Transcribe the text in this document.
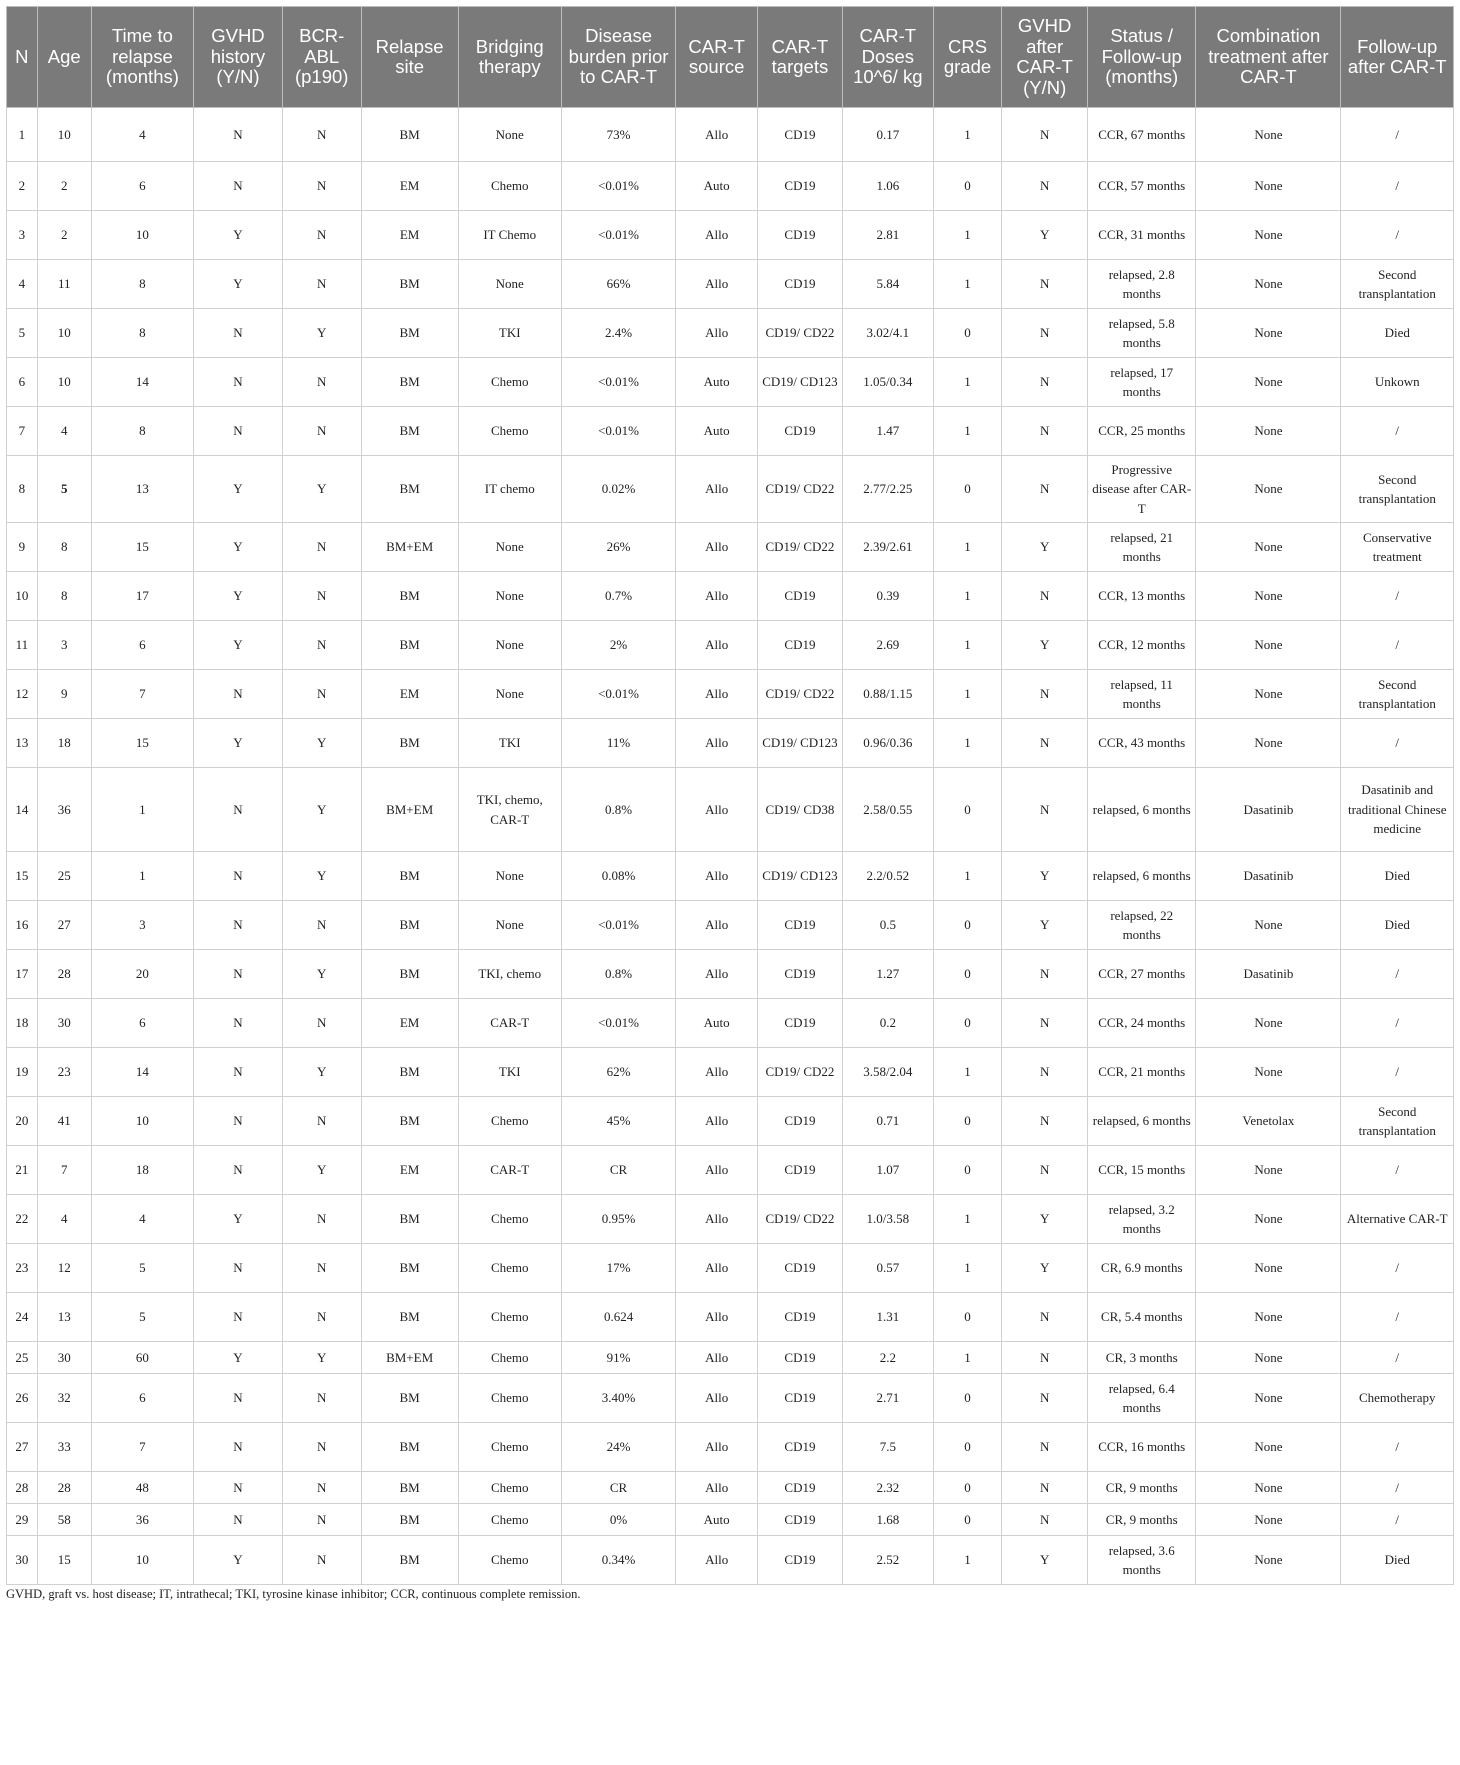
N	Age	Time to relapse (months)	GVHD history (Y/N)	BCR-ABL (p190)	Relapse site	Bridging therapy	Disease burden prior to CAR-T	CAR-T source	CAR-T targets	CAR-T Doses 10^6/ kg	CRS grade	GVHD after CAR-T (Y/N)	Status / Follow-up (months)	Combination treatment after CAR-T	Follow-up after CAR-T
1	10	4	N	N	BM	None	73%	Allo	CD19	0.17	1	N	CCR, 67 months	None	/
2	2	6	N	N	EM	Chemo	<0.01%	Auto	CD19	1.06	0	N	CCR, 57 months	None	/
3	2	10	Y	N	EM	IT Chemo	<0.01%	Allo	CD19	2.81	1	Y	CCR, 31 months	None	/
4	11	8	Y	N	BM	None	66%	Allo	CD19	5.84	1	N	relapsed, 2.8 months	None	Second transplantation
5	10	8	N	Y	BM	TKI	2.4%	Allo	CD19/ CD22	3.02/4.1	0	N	relapsed, 5.8 months	None	Died
6	10	14	N	N	BM	Chemo	<0.01%	Auto	CD19/ CD123	1.05/0.34	1	N	relapsed, 17 months	None	Unkown
7	4	8	N	N	BM	Chemo	<0.01%	Auto	CD19	1.47	1	N	CCR, 25 months	None	/
8	5	13	Y	Y	BM	IT chemo	0.02%	Allo	CD19/ CD22	2.77/2.25	0	N	Progressive disease after CAR-T	None	Second transplantation
9	8	15	Y	N	BM+EM	None	26%	Allo	CD19/ CD22	2.39/2.61	1	Y	relapsed, 21 months	None	Conservative treatment
10	8	17	Y	N	BM	None	0.7%	Allo	CD19	0.39	1	N	CCR, 13 months	None	/
11	3	6	Y	N	BM	None	2%	Allo	CD19	2.69	1	Y	CCR, 12 months	None	/
12	9	7	N	N	EM	None	<0.01%	Allo	CD19/ CD22	0.88/1.15	1	N	relapsed, 11 months	None	Second transplantation
13	18	15	Y	Y	BM	TKI	11%	Allo	CD19/ CD123	0.96/0.36	1	N	CCR, 43 months	None	/
14	36	1	N	Y	BM+EM	TKI, chemo, CAR-T	0.8%	Allo	CD19/ CD38	2.58/0.55	0	N	relapsed, 6 months	Dasatinib	Dasatinib and traditional Chinese medicine
15	25	1	N	Y	BM	None	0.08%	Allo	CD19/ CD123	2.2/0.52	1	Y	relapsed, 6 months	Dasatinib	Died
16	27	3	N	N	BM	None	<0.01%	Allo	CD19	0.5	0	Y	relapsed, 22 months	None	Died
17	28	20	N	Y	BM	TKI, chemo	0.8%	Allo	CD19	1.27	0	N	CCR, 27 months	Dasatinib	/
18	30	6	N	N	EM	CAR-T	<0.01%	Auto	CD19	0.2	0	N	CCR, 24 months	None	/
19	23	14	N	Y	BM	TKI	62%	Allo	CD19/ CD22	3.58/2.04	1	N	CCR, 21 months	None	/
20	41	10	N	N	BM	Chemo	45%	Allo	CD19	0.71	0	N	relapsed, 6 months	Venetolax	Second transplantation
21	7	18	N	Y	EM	CAR-T	CR	Allo	CD19	1.07	0	N	CCR, 15 months	None	/
22	4	4	Y	N	BM	Chemo	0.95%	Allo	CD19/ CD22	1.0/3.58	1	Y	relapsed, 3.2 months	None	Alternative CAR-T
23	12	5	N	N	BM	Chemo	17%	Allo	CD19	0.57	1	Y	CR, 6.9 months	None	/
24	13	5	N	N	BM	Chemo	0.624	Allo	CD19	1.31	0	N	CR, 5.4 months	None	/
25	30	60	Y	Y	BM+EM	Chemo	91%	Allo	CD19	2.2	1	N	CR, 3 months	None	/
26	32	6	N	N	BM	Chemo	3.40%	Allo	CD19	2.71	0	N	relapsed, 6.4 months	None	Chemotherapy
27	33	7	N	N	BM	Chemo	24%	Allo	CD19	7.5	0	N	CCR, 16 months	None	/
28	28	48	N	N	BM	Chemo	CR	Allo	CD19	2.32	0	N	CR, 9 months	None	/
29	58	36	N	N	BM	Chemo	0%	Auto	CD19	1.68	0	N	CR, 9 months	None	/
30	15	10	Y	N	BM	Chemo	0.34%	Allo	CD19	2.52	1	Y	relapsed, 3.6 months	None	Died
GVHD, graft vs. host disease; IT, intrathecal; TKI, tyrosine kinase inhibitor; CCR, continuous complete remission.
